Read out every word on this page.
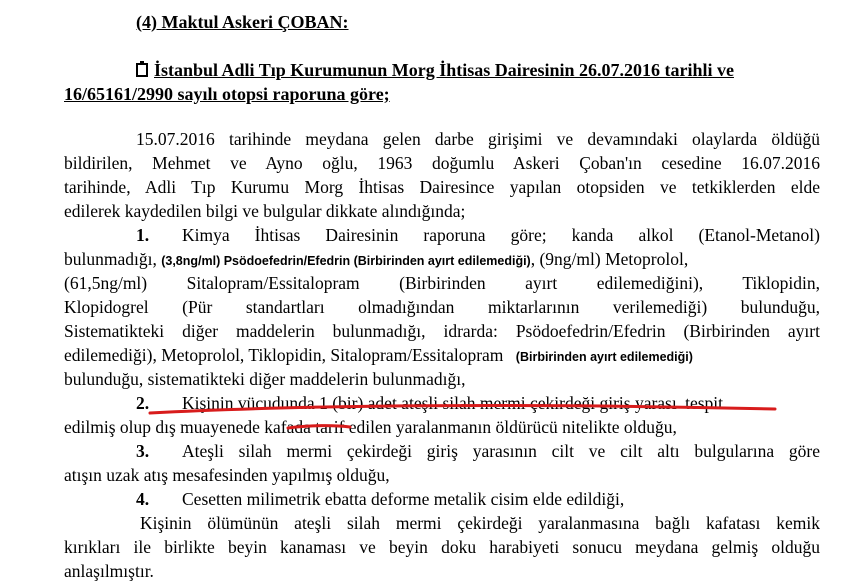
(4) Maktul Askeri ÇOBAN:
İstanbul Adli Tıp Kurumunun Morg İhtisas Dairesinin 26.07.2016 tarihli ve
16/65161/2990 sayılı otopsi raporuna göre;
15.07.2016 tarihinde meydana gelen darbe girişimi ve devamındaki olaylarda öldüğü
bildirilen, Mehmet ve Ayno oğlu, 1963 doğumlu Askeri Çoban'ın cesedine 16.07.2016
tarihinde, Adli Tıp Kurumu Morg İhtisas Dairesince yapılan otopsiden ve tetkiklerden elde
edilerek kaydedilen bilgi ve bulgular dikkate alındığında;
1. Kimya İhtisas Dairesinin raporuna göre; kanda alkol (Etanol-Metanol)
bulunmadığı, (3,8ng/ml) Psödoefedrin/Efedrin (Birbirinden ayırt edilemediği), (9ng/ml) Metoprolol,
(61,5ng/ml) Sitalopram/Essitalopram (Birbirinden ayırt edilemediğini), Tiklopidin,
Klopidogrel (Pür standartları olmadığından miktarlarının verilemediği) bulunduğu,
Sistematikteki diğer maddelerin bulunmadığı, idrarda: Psödoefedrin/Efedrin (Birbirinden ayırt
edilemediği), Metoprolol, Tiklopidin, Sitalopram/Essitalopram (Birbirinden ayırt edilemediği)
bulunduğu, sistematikteki diğer maddelerin bulunmadığı,
2. Kişinin vücudunda 1 (bir) adet ateşli silah mermi çekirdeği giriş yarası tespit
edilmiş olup dış muayenede kafada tarif edilen yaralanmanın öldürücü nitelikte olduğu,
3. Ateşli silah mermi çekirdeği giriş yarasının cilt ve cilt altı bulgularına göre
atışın uzak atış mesafesinden yapılmış olduğu,
4. Cesetten milimetrik ebatta deforme metalik cisim elde edildiği,
Kişinin ölümünün ateşli silah mermi çekirdeği yaralanmasına bağlı kafatası kemik
kırıkları ile birlikte beyin kanaması ve beyin doku harabiyeti sonucu meydana gelmiş olduğu
anlaşılmıştır.
